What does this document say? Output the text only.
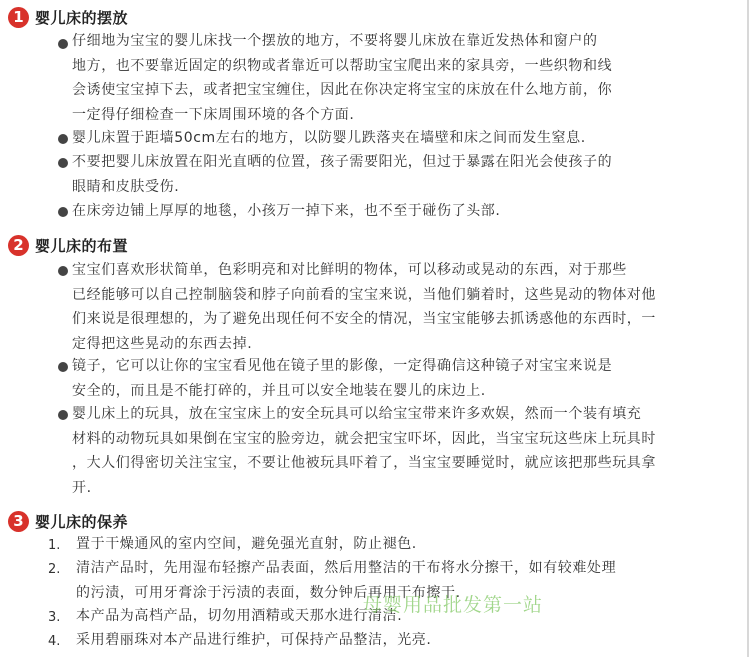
1 婴儿床的摆放
仔细地为宝宝的婴儿床找一个摆放的地方，不要将婴儿床放在靠近发热体和窗户的
地方，也不要靠近固定的织物或者靠近可以帮助宝宝爬出来的家具旁，一些织物和线
会诱使宝宝掉下去，或者把宝宝缠住，因此在你决定将宝宝的床放在什么地方前，你
一定得仔细检查一下床周围环境的各个方面.
婴儿床置于距墙50cm左右的地方，以防婴儿跌落夹在墙壁和床之间而发生窒息.
不要把婴儿床放置在阳光直晒的位置，孩子需要阳光，但过于暴露在阳光会使孩子的
眼睛和皮肤受伤.
在床旁边铺上厚厚的地毯，小孩万一掉下来，也不至于碰伤了头部.
2 婴儿床的布置
宝宝们喜欢形状简单，色彩明亮和对比鲜明的物体，可以移动或晃动的东西，对于那些
已经能够可以自己控制脑袋和脖子向前看的宝宝来说，当他们躺着时，这些晃动的物体对他
们来说是很理想的，为了避免出现任何不安全的情况，当宝宝能够去抓诱惑他的东西时，一
定得把这些晃动的东西去掉.
镜子，它可以让你的宝宝看见他在镜子里的影像，一定得确信这种镜子对宝宝来说是
安全的，而且是不能打碎的，并且可以安全地装在婴儿的床边上.
婴儿床上的玩具，放在宝宝床上的安全玩具可以给宝宝带来许多欢娱，然而一个装有填充
材料的动物玩具如果倒在宝宝的脸旁边，就会把宝宝吓坏，因此，当宝宝玩这些床上玩具时
，大人们得密切关注宝宝，不要让他被玩具吓着了，当宝宝要睡觉时，就应该把那些玩具拿
开.
3 婴儿床的保养
1. 置于干燥通风的室内空间，避免强光直射，防止褪色.
2. 清洁产品时，先用湿布轻擦产品表面，然后用整洁的干布将水分擦干，如有较难处理
的污渍，可用牙膏涂于污渍的表面，数分钟后再用干布擦干.
3. 本产品为高档产品，切勿用酒精或天那水进行清洁.
4. 采用碧丽珠对本产品进行维护，可保持产品整洁，光亮.
母婴用品批发第一站
